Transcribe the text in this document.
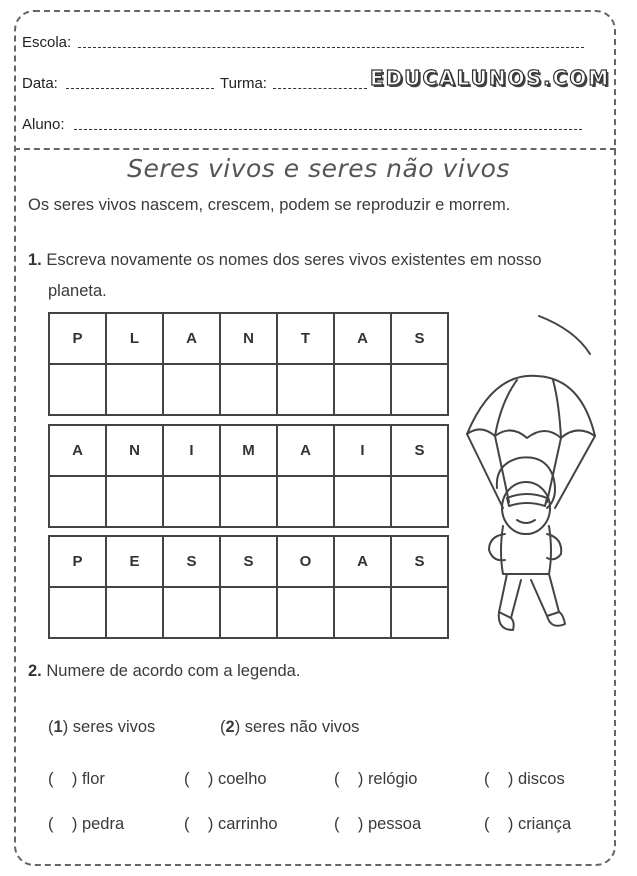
Escola:
Data:	Turma:	EDUCALUNOS.COM
Aluno:
Seres vivos e seres não vivos
Os seres vivos nascem, crescem, podem se reproduzir e morrem.
1. Escreva novamente os nomes dos seres vivos existentes em nosso
planeta.
P	L	A	N	T	A	S

A	N	I	M	A	I	S

P	E	S	S	O	A	S

2. Numere de acordo com a legenda.
(1) seres vivos	(2) seres não vivos
( ) flor	( ) coelho	( ) relógio	( ) discos
( ) pedra	( ) carrinho	( ) pessoa	( ) criança
